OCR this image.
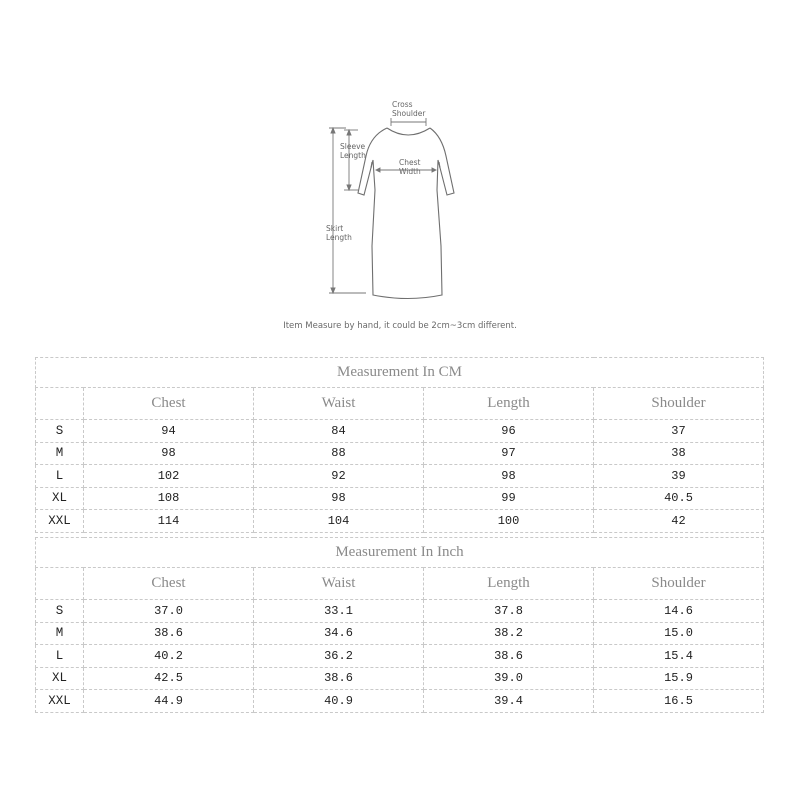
Cross
Shoulder
Sleeve
Length
Chest
Width
Skirt
Length
Item Measure by hand, it could be 2cm~3cm different.
Measurement In CM				
	Chest	Waist	Length	Shoulder
S	94	84	96	37
M	98	88	97	38
L	102	92	98	39
XL	108	98	99	40.5
XXL	114	104	100	42
Measurement In Inch				
	Chest	Waist	Length	Shoulder
S	37.0	33.1	37.8	14.6
M	38.6	34.6	38.2	15.0
L	40.2	36.2	38.6	15.4
XL	42.5	38.6	39.0	15.9
XXL	44.9	40.9	39.4	16.5
